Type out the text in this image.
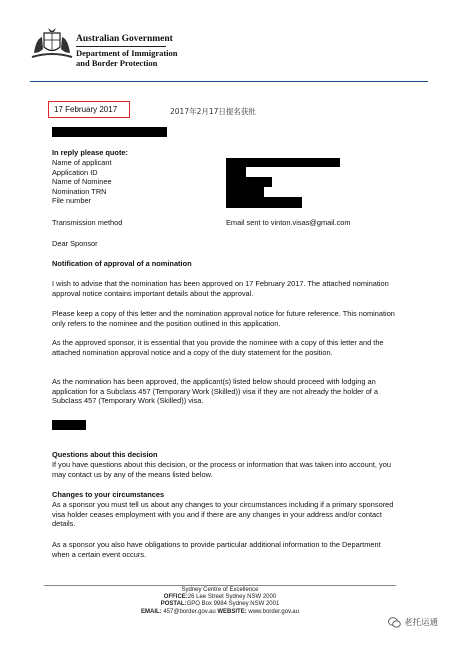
Australian Government
Department of Immigration
and Border Protection
17 February 2017	2017年2月17日提名获批
In reply please quote:
Name of applicant
Application ID
Name of Nominee
Nomination TRN
File number
Transmission method	Email sent to vinton.visas@gmail.com
Dear Sponsor
Notification of approval of a nomination
I wish to advise that the nomination has been approved on 17 February 2017. The attached nomination approval notice contains important details about the approval.
Please keep a copy of this letter and the nomination approval notice for future reference. This nomination only refers to the nominee and the position outlined in this application.
As the approved sponsor, it is essential that you provide the nominee with a copy of this letter and the attached nomination approval notice and a copy of the duty statement for the position.
As the nomination has been approved, the applicant(s) listed below should proceed with lodging an application for a Subclass 457 (Temporary Work (Skilled)) visa if they are not already the holder of a Subclass 457 (Temporary Work (Skilled)) visa.
Questions about this decision
If you have questions about this decision, or the process or information that was taken into account, you may contact us by any of the means listed below.
Changes to your circumstances
As a sponsor you must tell us about any changes to your circumstances including if a primary sponsored visa holder ceases employment with you and if there are any changes in your address and/or contact details.
As a sponsor you also have obligations to provide particular additional information to the Department when a certain event occurs.
Sydney Centre of Excellence
OFFICE:26 Lee Street Sydney NSW 2000
POSTAL:GPO Box 9984 Sydney NSW 2001
EMAIL: 457@border.gov.au WEBSITE: www.border.gov.au
老托运通
